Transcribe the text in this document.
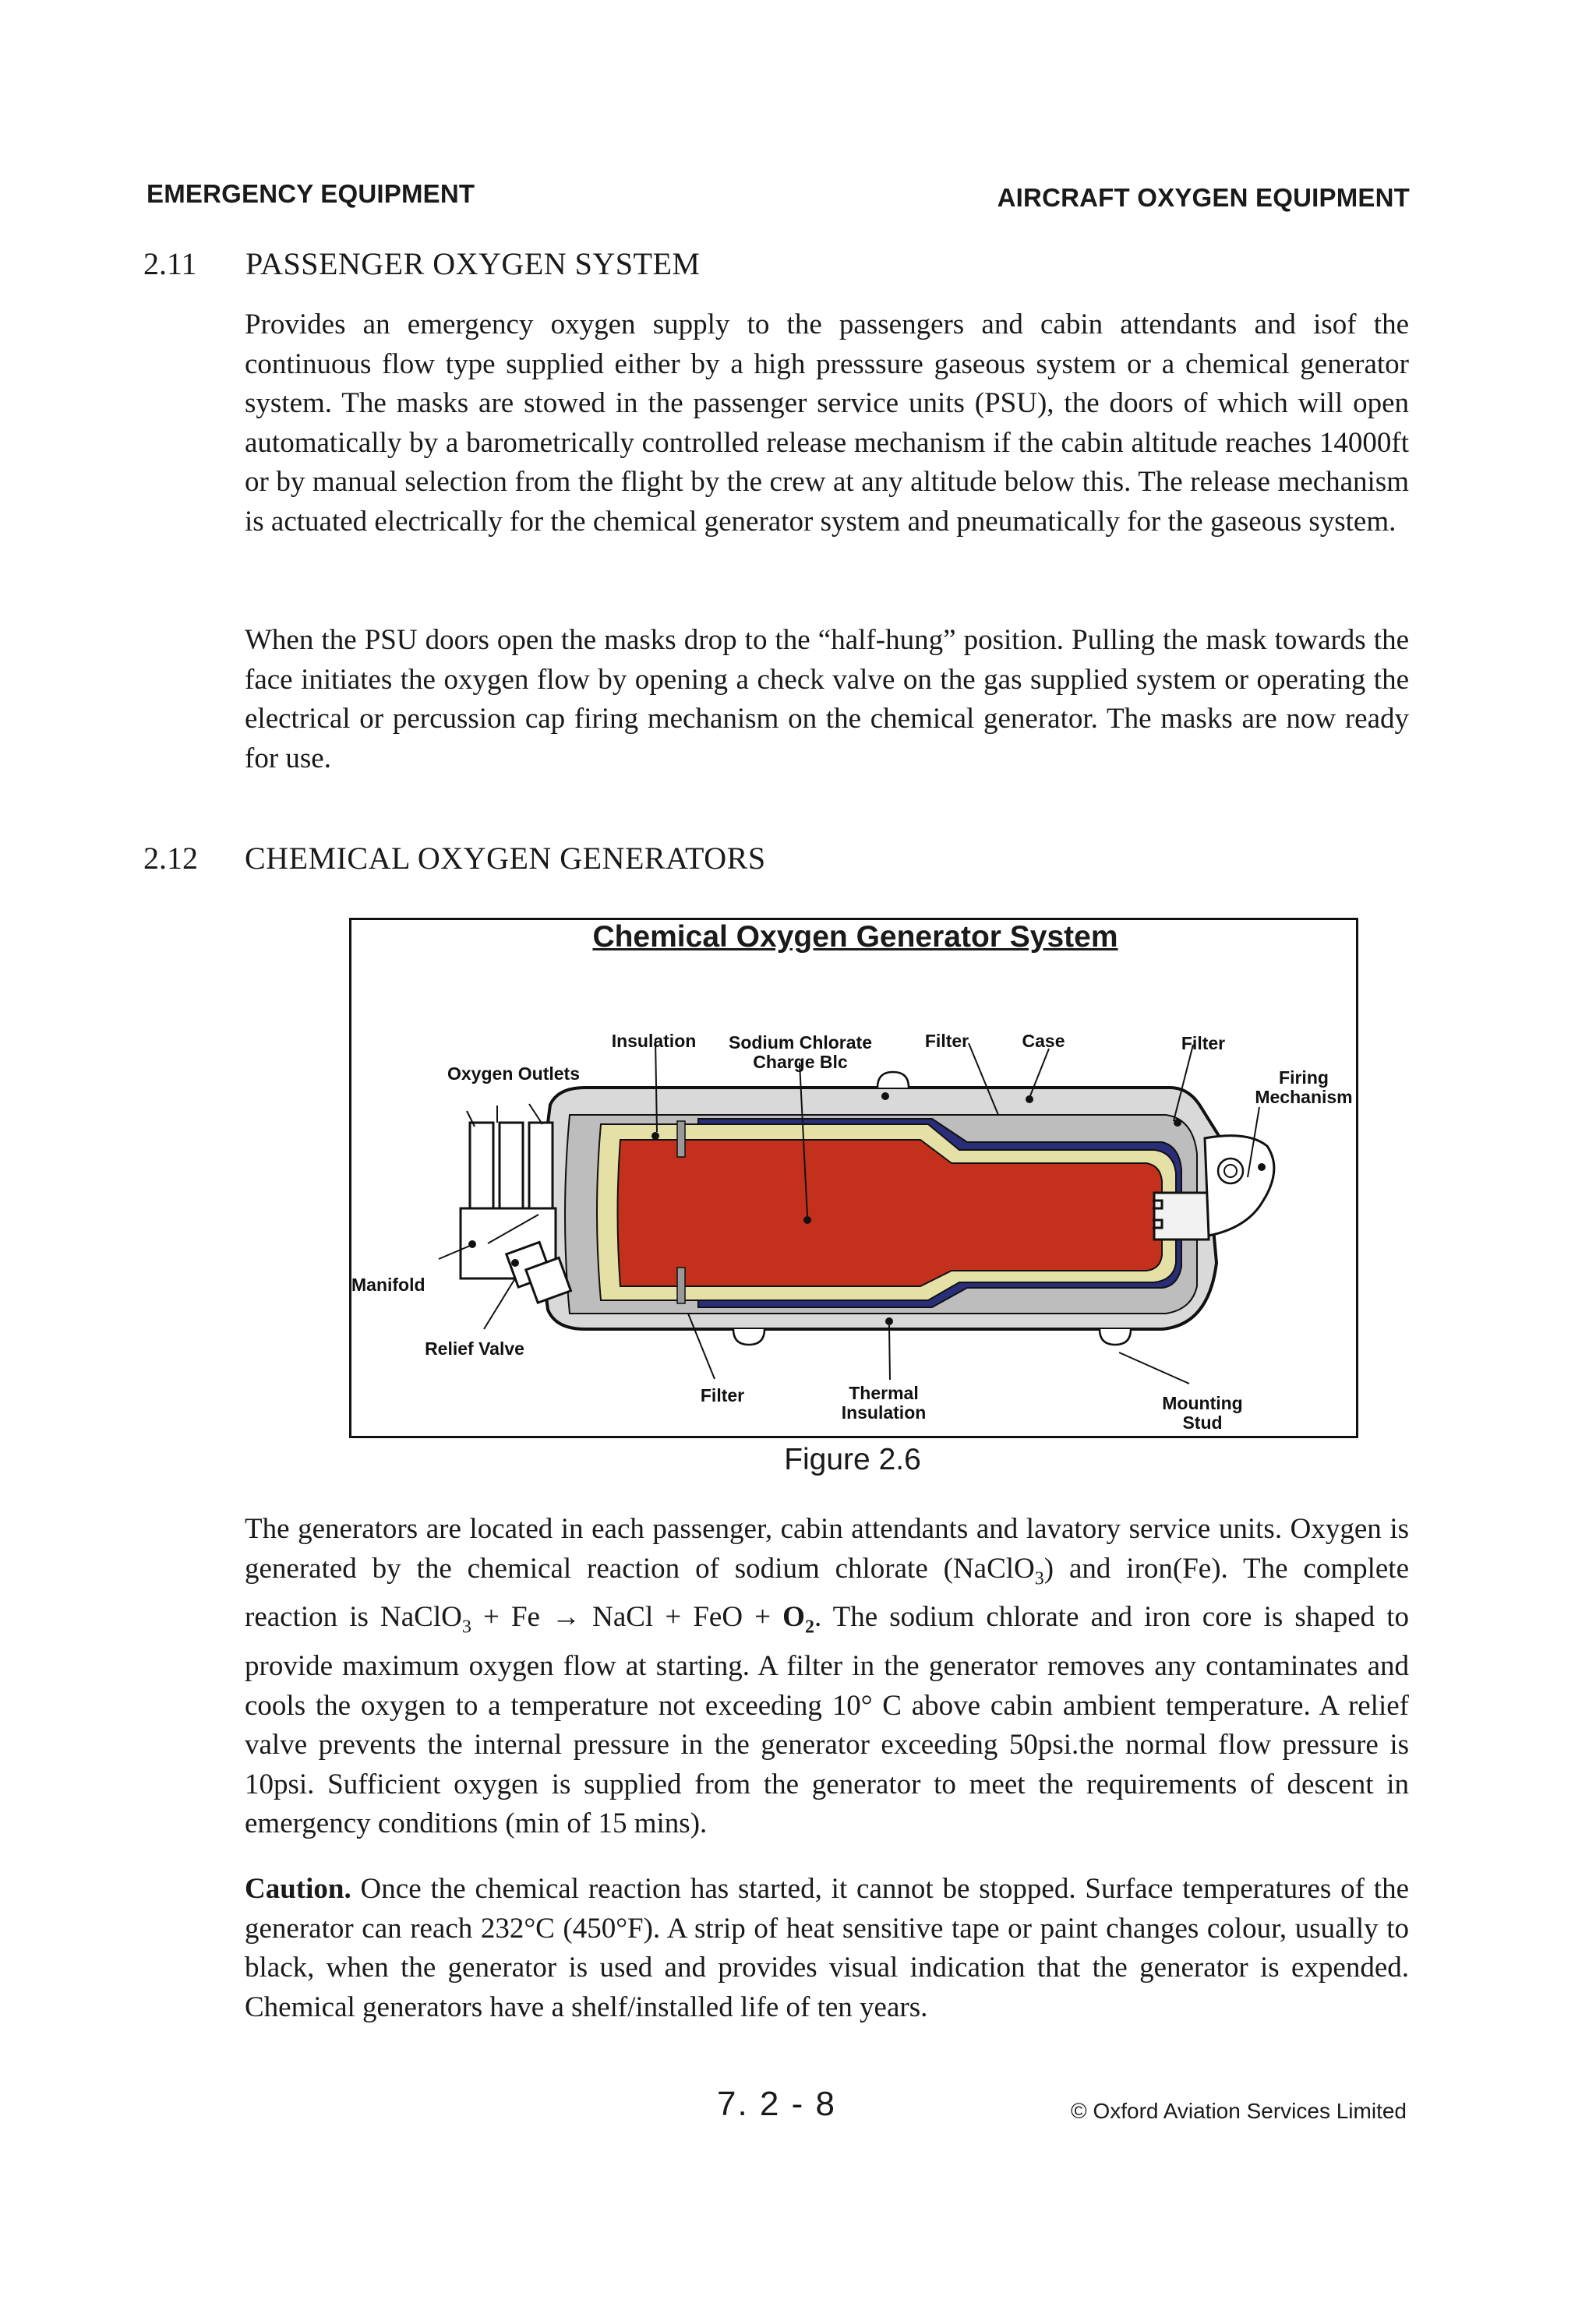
EMERGENCY EQUIPMENT	AIRCRAFT OXYGEN EQUIPMENT
2.11 PASSENGER OXYGEN SYSTEM

Provides an emergency oxygen supply to the passengers and cabin attendants and isof the continuous flow type supplied either by a high presssure gaseous system or a chemical generator system. The masks are stowed in the passenger service units (PSU), the doors of which will open automatically by a barometrically controlled release mechanism if the cabin altitude reaches 14000ft or by manual selection from the flight by the crew at any altitude below this. The release mechanism is actuated electrically for the chemical generator system and pneumatically for the gaseous system.

When the PSU doors open the masks drop to the “half-hung” position. Pulling the mask towards the face initiates the oxygen flow by opening a check valve on the gas supplied system or operating the electrical or percussion cap firing mechanism on the chemical generator. The masks are now ready for use.

2.12 CHEMICAL OXYGEN GENERATORS
Chemical Oxygen Generator System
Insulation Sodium Chlorate
Charge Blc
Filter	Case	Filter
Firing
Mechanism
Oxygen Outlets
Manifold
Relief Valve
Filter	Thermal
Insulation	Mounting
Stud
Figure 2.6

The generators are located in each passenger, cabin attendants and lavatory service units. Oxygen is generated by the chemical reaction of sodium chlorate (NaClO$_3$) and iron(Fe). The complete reaction is NaClO$_3$ + Fe → NaCl + FeO + $O_2$. The sodium chlorate and iron core is shaped to provide maximum oxygen flow at starting. A filter in the generator removes any contaminates and cools the oxygen to a temperature not exceeding 10° C above cabin ambient temperature. A relief valve prevents the internal pressure in the generator exceeding 50psi.the normal flow pressure is 10psi. Sufficient oxygen is supplied from the generator to meet the requirements of descent in emergency conditions (min of 15 mins).

Caution. Once the chemical reaction has started, it cannot be stopped. Surface temperatures of the generator can reach 232°C (450°F). A strip of heat sensitive tape or paint changes colour, usually to black, when the generator is used and provides visual indication that the generator is expended. Chemical generators have a shelf/installed life of ten years.

7. 2 - 8	© Oxford Aviation Services Limited
